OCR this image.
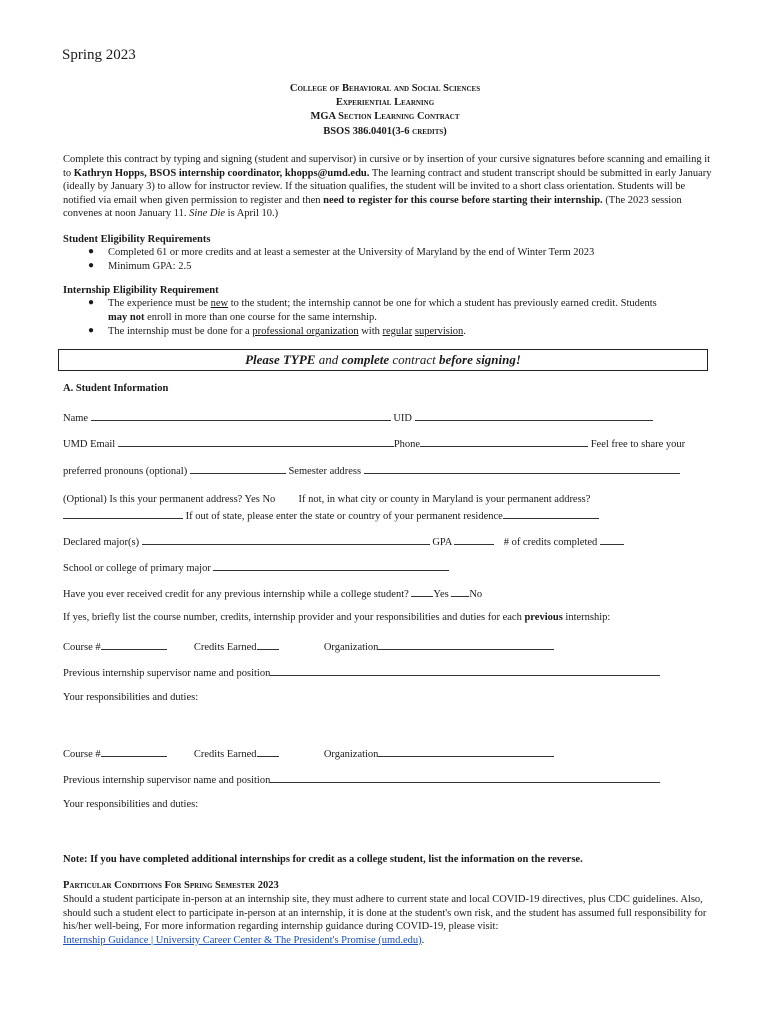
Spring 2023
College of Behavioral and Social Sciences
Experiential Learning
MGA Section Learning Contract
BSOS 386.0401(3-6 credits)
Complete this contract by typing and signing (student and supervisor) in cursive or by insertion of your cursive signatures before scanning and emailing it to Kathryn Hopps, BSOS internship coordinator, khopps@umd.edu. The learning contract and student transcript should be submitted in early January (ideally by January 3) to allow for instructor review. If the situation qualifies, the student will be invited to a short class orientation. Students will be notified via email when given permission to register and then need to register for this course before starting their internship. (The 2023 session convenes at noon January 11. Sine Die is April 10.)
Student Eligibility Requirements
● Completed 61 or more credits and at least a semester at the University of Maryland by the end of Winter Term 2023
● Minimum GPA: 2.5
Internship Eligibility Requirement
● The experience must be new to the student; the internship cannot be one for which a student has previously earned credit. Students
may not enroll in more than one course for the same internship.
● The internship must be done for a professional organization with regular supervision.
Please TYPE and complete contract before signing!
A. Student Information
Name	UID
UMD Email	Phone	Feel free to share your
preferred pronouns (optional)	Semester address
(Optional) Is this your permanent address? Yes No If not, in what city or county in Maryland is your permanent address?
If out of state, please enter the state or country of your permanent residence
Declared major(s)	GPA	# of credits completed
School or college of primary major
Have you ever received credit for any previous internship while a college student? Yes No
If yes, briefly list the course number, credits, internship provider and your responsibilities and duties for each previous internship:
Course #	Credits Earned	Organization
Previous internship supervisor name and position
Your responsibilities and duties:
Course #	Credits Earned	Organization
Previous internship supervisor name and position
Your responsibilities and duties:
Note: If you have completed additional internships for credit as a college student, list the information on the reverse.
Particular Conditions For Spring Semester 2023
Should a student participate in-person at an internship site, they must adhere to current state and local COVID-19 directives, plus CDC guidelines. Also, should such a student elect to participate in-person at an internship, it is done at the student's own risk, and the student has assumed full responsibility for his/her well-being, For more information regarding internship guidance during COVID-19, please visit:
Internship Guidance | University Career Center & The President's Promise (umd.edu).
